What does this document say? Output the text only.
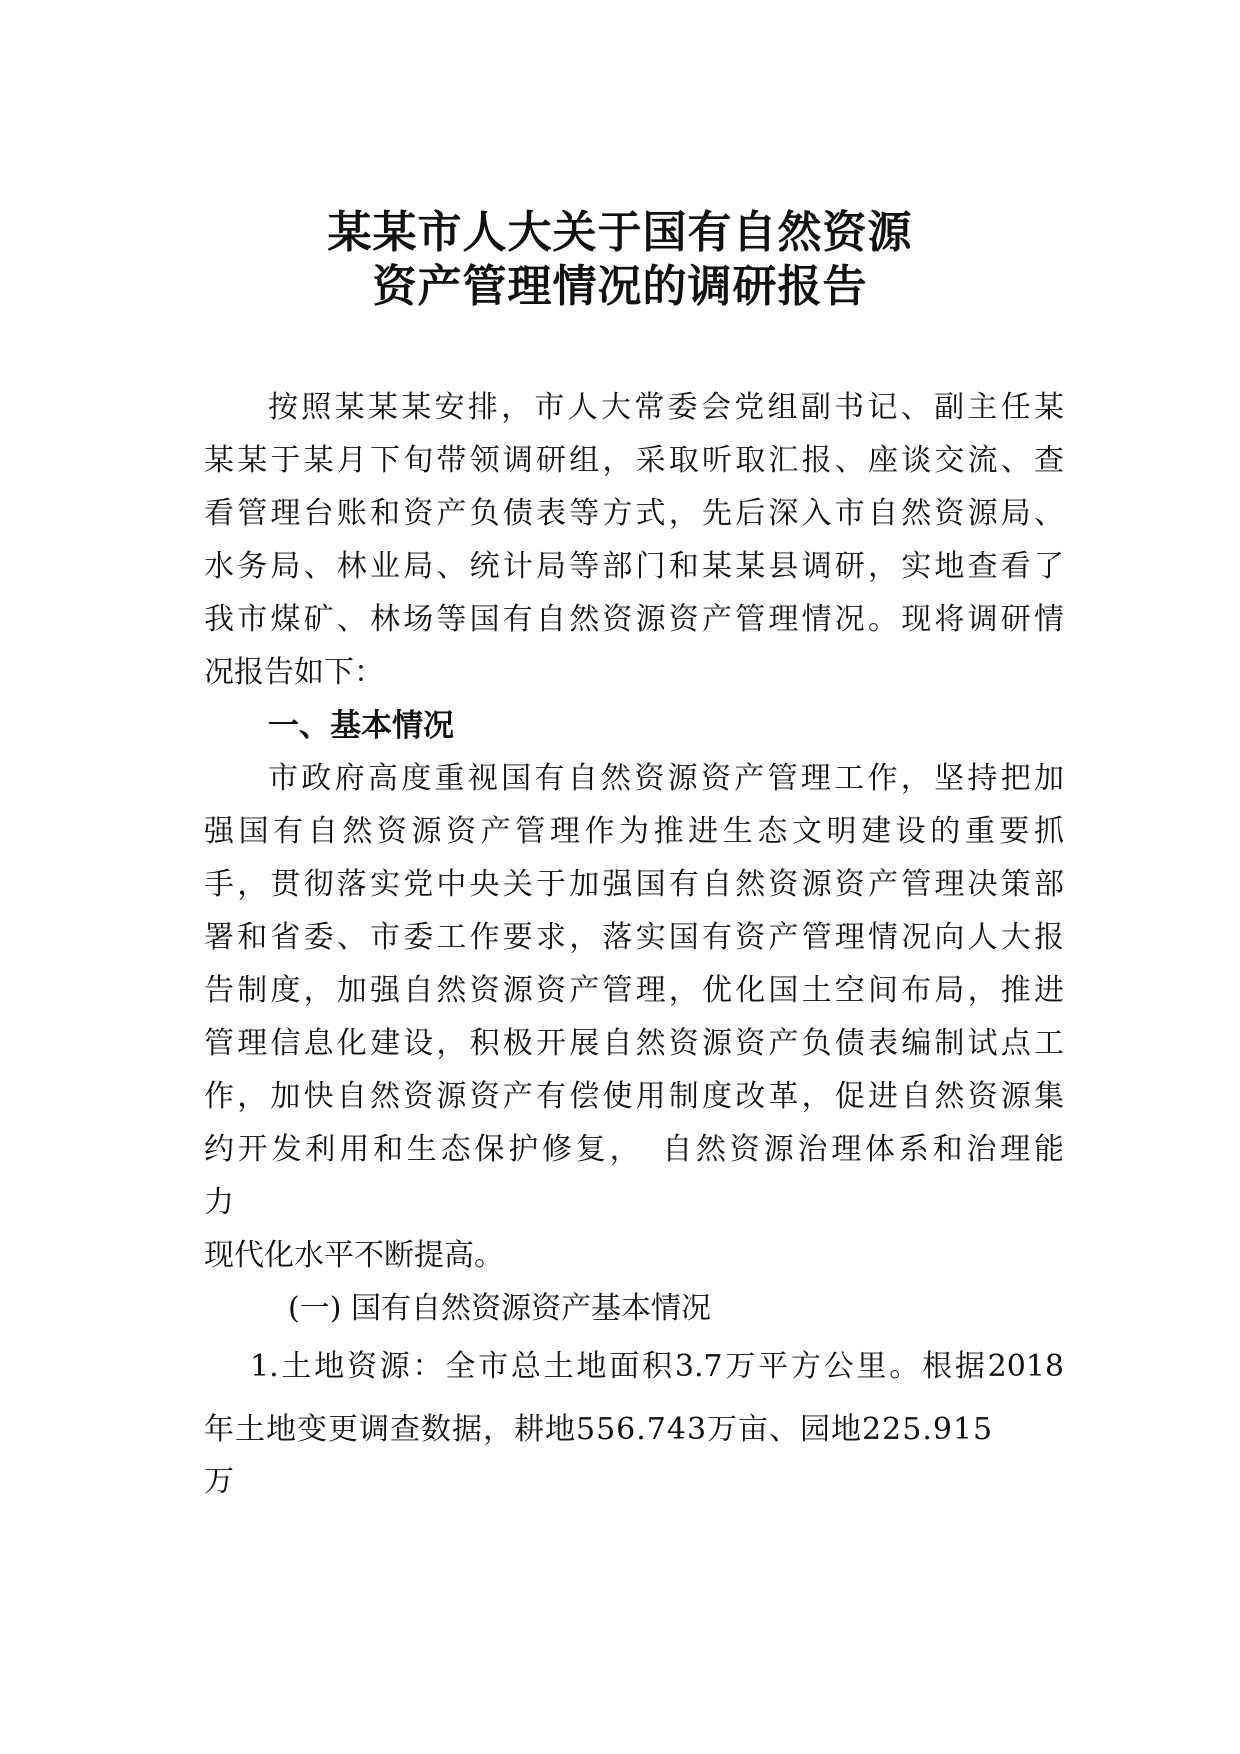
某某市人大关于国有自然资源
资产管理情况的调研报告

按照某某某安排，市人大常委会党组副书记、副主任某

某某于某月下旬带领调研组，采取听取汇报、座谈交流、查

看管理台账和资产负债表等方式，先后深入市自然资源局、

水务局、林业局、统计局等部门和某某县调研，实地查看了

我市煤矿、林场等国有自然资源资产管理情况。现将调研情

况报告如下：

一、基本情况

市政府高度重视国有自然资源资产管理工作，坚持把加

强国有自然资源资产管理作为推进生态文明建设的重要抓

手，贯彻落实党中央关于加强国有自然资源资产管理决策部

署和省委、市委工作要求，落实国有资产管理情况向人大报

告制度，加强自然资源资产管理，优化国土空间布局，推进

管理信息化建设，积极开展自然资源资产负债表编制试点工

作，加快自然资源资产有偿使用制度改革，促进自然资源集

约开发利用和生态保护修复，　自然资源治理体系和治理能

力

现代化水平不断提高。

(一) 国有自然资源资产基本情况

1.土地资源：全市总土地面积3.7万平方公里。根据2018

年土地变更调查数据，耕地556.743万亩、园地225.915

万
